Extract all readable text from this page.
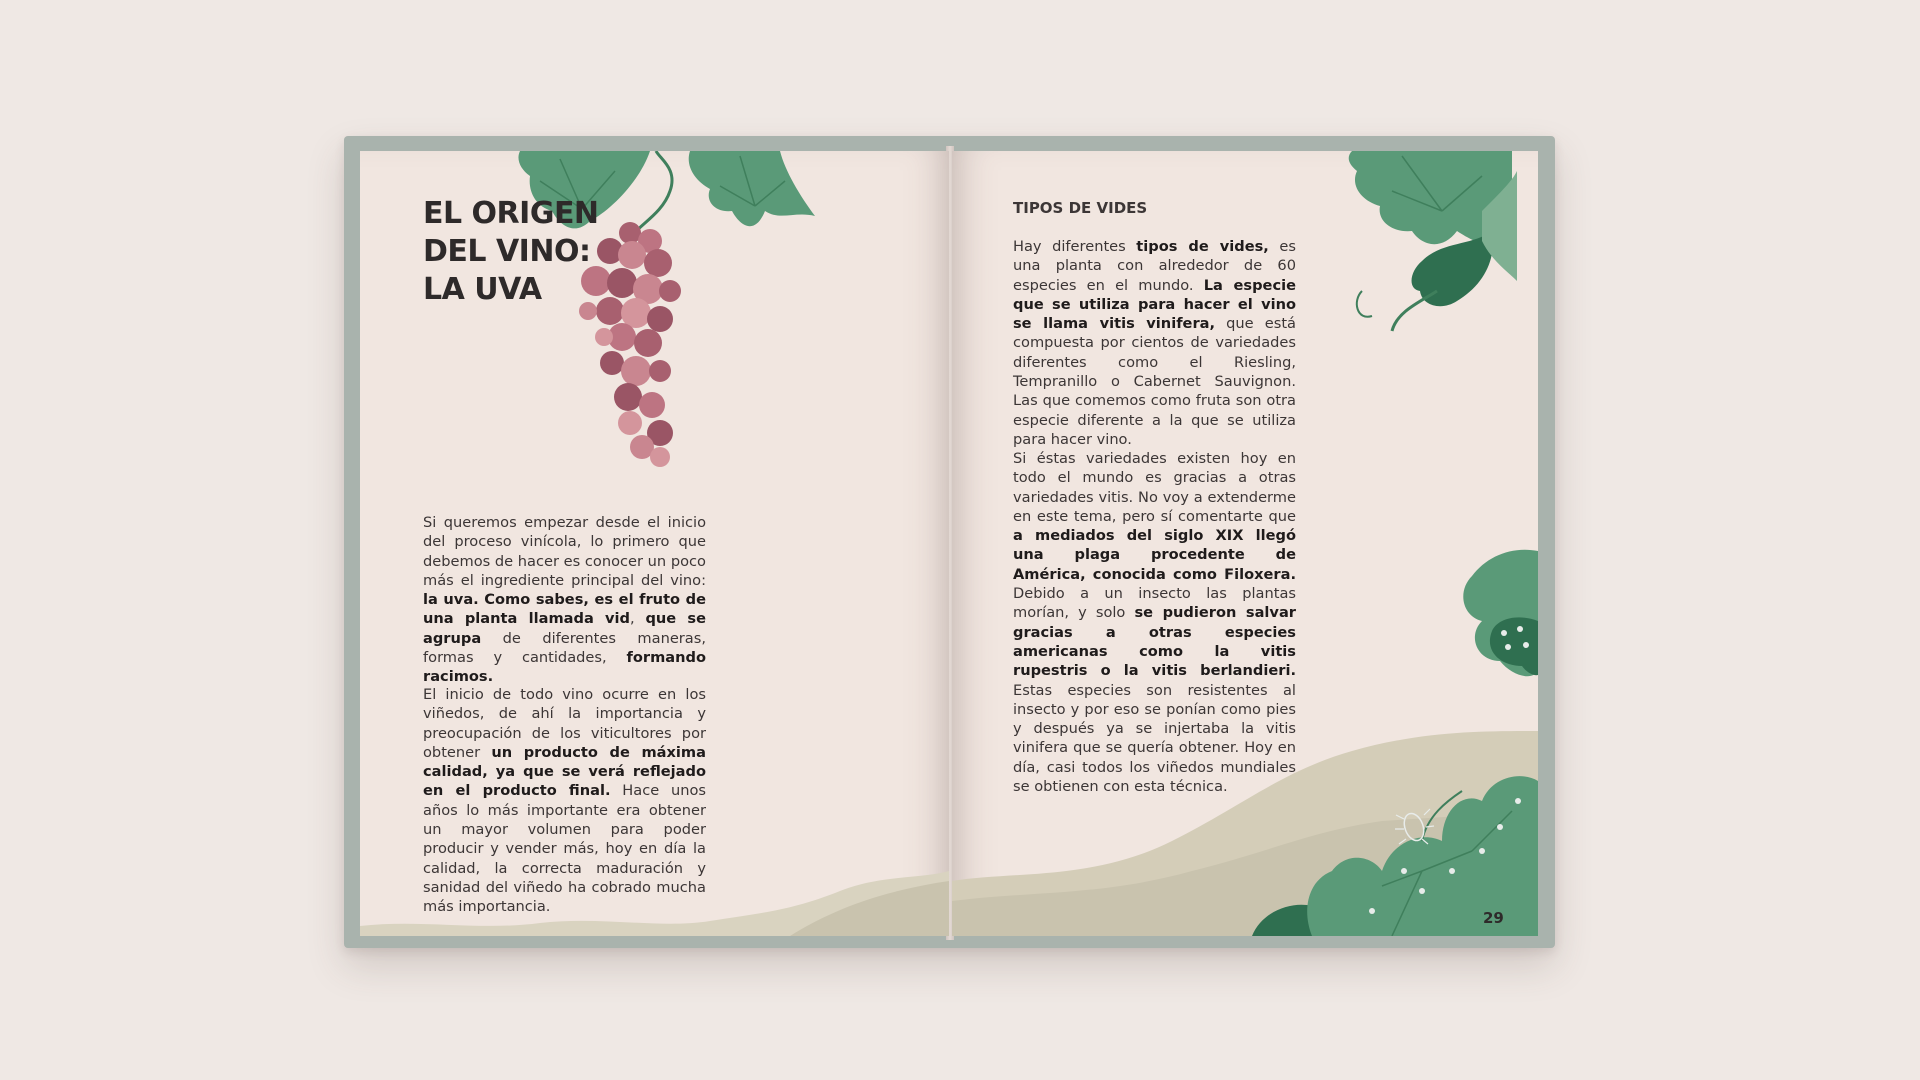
EL ORIGEN
DEL VINO:
LA UVA

Si queremos empezar desde el inicio del proceso vinícola, lo primero que debemos de hacer es conocer un poco más el ingrediente principal del vino: la uva. Como sabes, es el fruto de una planta llamada vid, que se agrupa de diferentes maneras, formas y cantidades, formando racimos.

El inicio de todo vino ocurre en los viñedos, de ahí la importancia y preocupación de los viticultores por obtener un producto de máxima calidad, ya que se verá reflejado en el producto final. Hace unos años lo más importante era obtener un mayor volumen para poder producir y vender más, hoy en día la calidad, la correcta maduración y sanidad del viñedo ha cobrado mucha más importancia.

TIPOS DE VIDES

Hay diferentes tipos de vides, es una planta con alrededor de 60 especies en el mundo. La especie que se utiliza para hacer el vino se llama vitis vinifera, que está compuesta por cientos de variedades diferentes como el Riesling, Tempranillo o Cabernet Sauvignon. Las que comemos como fruta son otra especie diferente a la que se utiliza para hacer vino.

Si éstas variedades existen hoy en todo el mundo es gracias a otras variedades vitis. No voy a extenderme en este tema, pero sí comentarte que a mediados del siglo XIX llegó una plaga procedente de América, conocida como Filoxera. Debido a un insecto las plantas morían, y solo se pudieron salvar gracias a otras especies americanas como la vitis rupestris o la vitis berlandieri. Estas especies son resistentes al insecto y por eso se ponían como pies y después ya se injertaba la vitis vinifera que se quería obtener. Hoy en día, casi todos los viñedos mundiales se obtienen con esta técnica.

29
